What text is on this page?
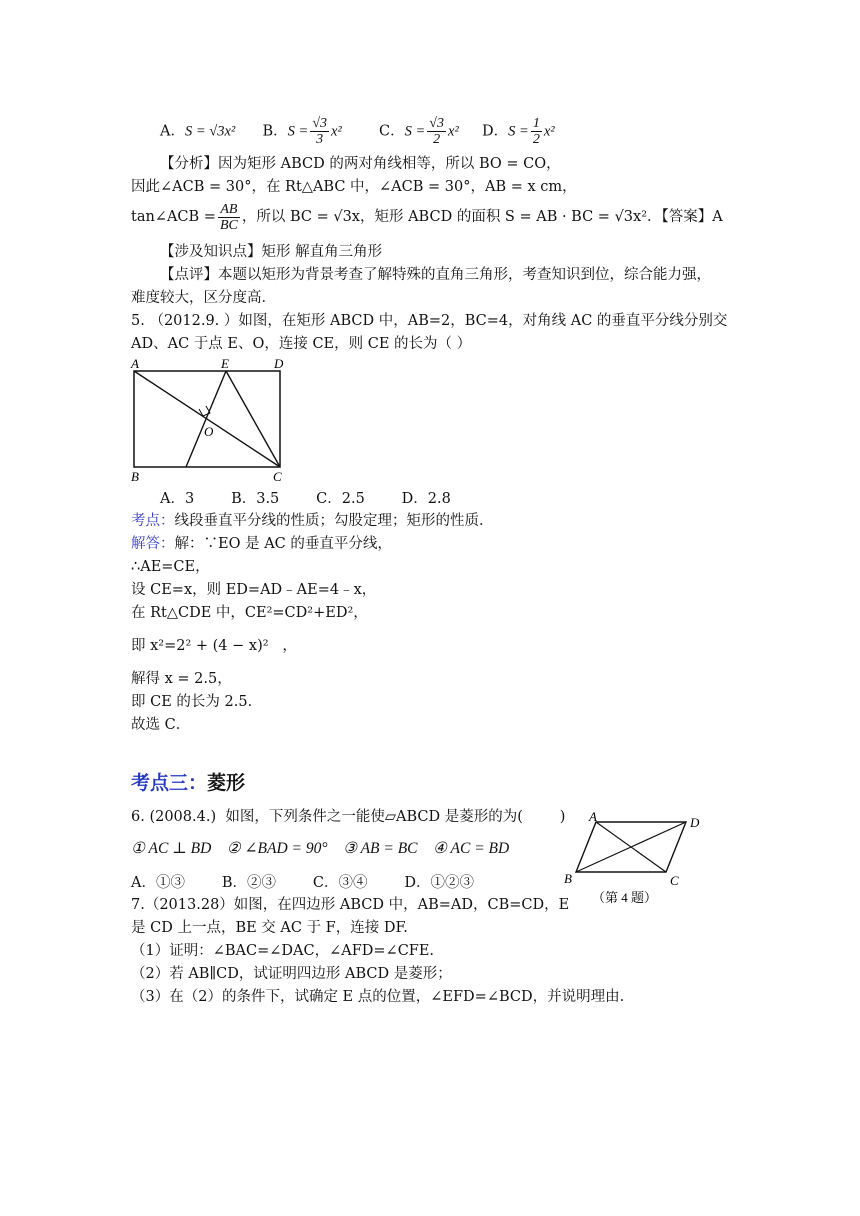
A．S = √3x² B．$S = \frac{√3}{3} x^2$	C．$S = \frac{√3}{2} x^2$ D．$S = \frac{1}{2} x^2$
【分析】因为矩形 ABCD 的两对角线相等，所以 BO = CO，
因此∠ACB = 30°，在 Rt△ABC 中，∠ACB = 30°，AB = x cm，
tan∠ACB = $\frac{AB}{BC}$ ，所以 BC = √3x，矩形 ABCD 的面积 S = AB · BC = √3x²．【答案】A
【涉及知识点】矩形 解直角三角形
【点评】本题以矩形为背景考查了解特殊的直角三角形，考查知识到位，综合能力强，
难度较大，区分度高．
5. （2012.9. ）如图，在矩形 ABCD 中，AB=2，BC=4，对角线 AC 的垂直平分线分别交
AD、AC 于点 E、O，连接 CE，则 CE 的长为（ ）
A	E	D
O
B	C
A．3        B．3.5        C．2.5        D．2.8
考点：线段垂直平分线的性质；勾股定理；矩形的性质．
解答：解：∵EO 是 AC 的垂直平分线，
∴AE=CE，
设 CE=x，则 ED=AD﹣AE=4﹣x，
在 Rt△CDE 中，CE²=CD²+ED²，
即 x²=2² + (4 − x)²   ，
解得 x = 2.5，
即 CE 的长为 2.5．
故选 C．
考点三：菱形
6. (2008.4.)  如图，下列条件之一能使▱ABCD 是菱形的为(        )
① AC ⊥ BD    ② ∠BAD = 90°    ③ AB = BC    ④ AC = BD
A．①③        B．②③        C．③④        D．①②③
A	D
B	C
（第 4 题）
7.（2013.28）如图，在四边形 ABCD 中，AB=AD，CB=CD，E
是 CD 上一点，BE 交 AC 于 F，连接 DF.
（1）证明：∠BAC=∠DAC，∠AFD=∠CFE.
（2）若 AB∥CD，试证明四边形 ABCD 是菱形；
（3）在（2）的条件下，试确定 E 点的位置，∠EFD=∠BCD，并说明理由.
